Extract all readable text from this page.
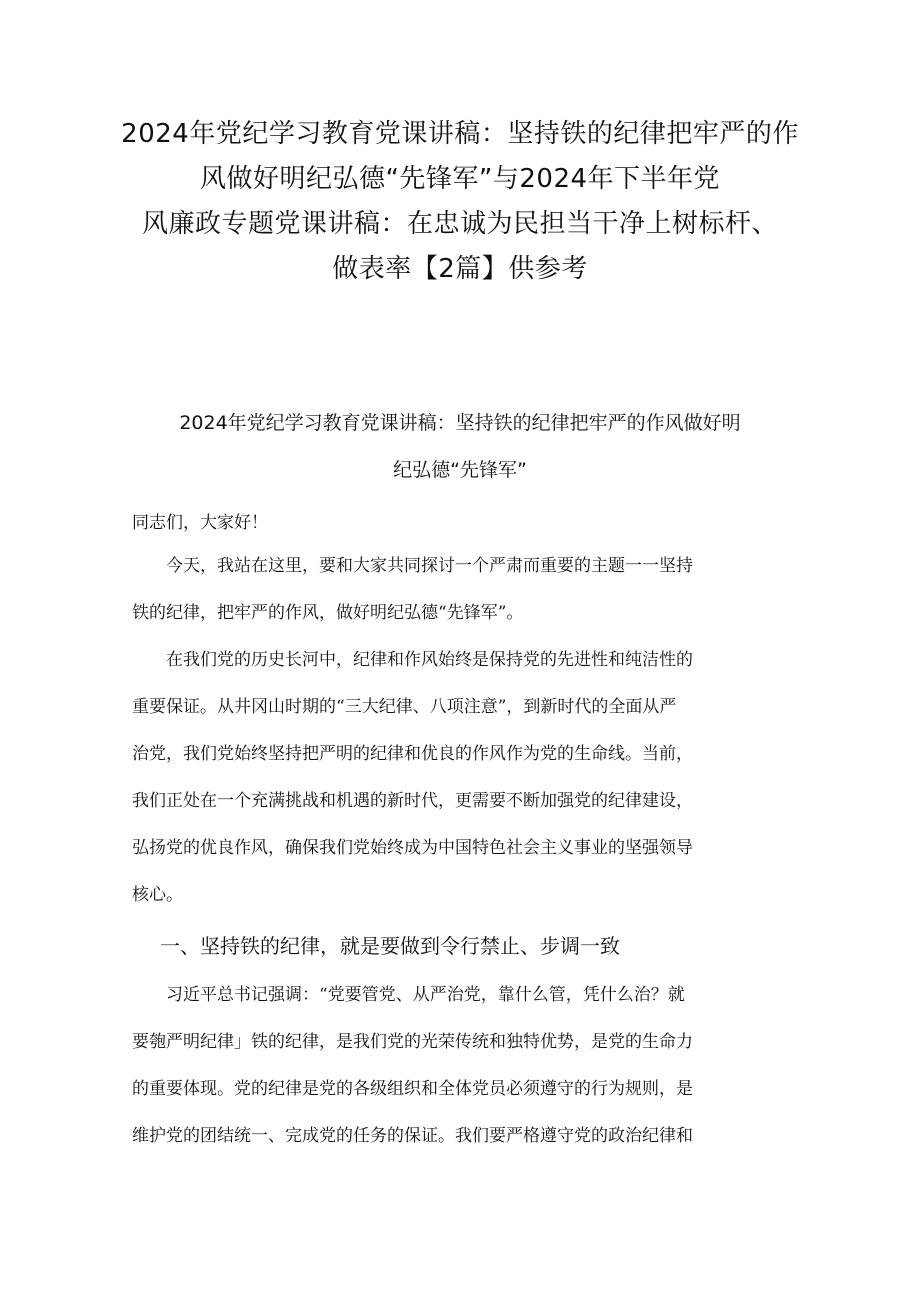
2024年党纪学习教育党课讲稿：坚持铁的纪律把牢严的作
风做好明纪弘德“先锋军”与2024年下半年党
风廉政专题党课讲稿：在忠诚为民担当干净上树标杆、
做表率【2篇】供参考
2024年党纪学习教育党课讲稿：坚持铁的纪律把牢严的作风做好明
纪弘德“先锋军”

同志们，大家好！

今天，我站在这里，要和大家共同探讨一个严肃而重要的主题一一坚持
铁的纪律，把牢严的作风，做好明纪弘德“先锋军”。

在我们党的历史长河中，纪律和作风始终是保持党的先进性和纯洁性的
重要保证。从井冈山时期的“三大纪律、八项注意”，到新时代的全面从严
治党，我们党始终坚持把严明的纪律和优良的作风作为党的生命线。当前，
我们正处在一个充满挑战和机遇的新时代，更需要不断加强党的纪律建设，
弘扬党的优良作风，确保我们党始终成为中国特色社会主义事业的坚强领导
核心。

一、坚持铁的纪律，就是要做到令行禁止、步调一致

习近平总书记强调：“党要管党、从严治党，靠什么管，凭什么治？就
要匏严明纪律」铁的纪律，是我们党的光荣传统和独特优势，是党的生命力
的重要体现。党的纪律是党的各级组织和全体党员必须遵守的行为规则，是
维护党的团结统一、完成党的任务的保证。我们要严格遵守党的政治纪律和
